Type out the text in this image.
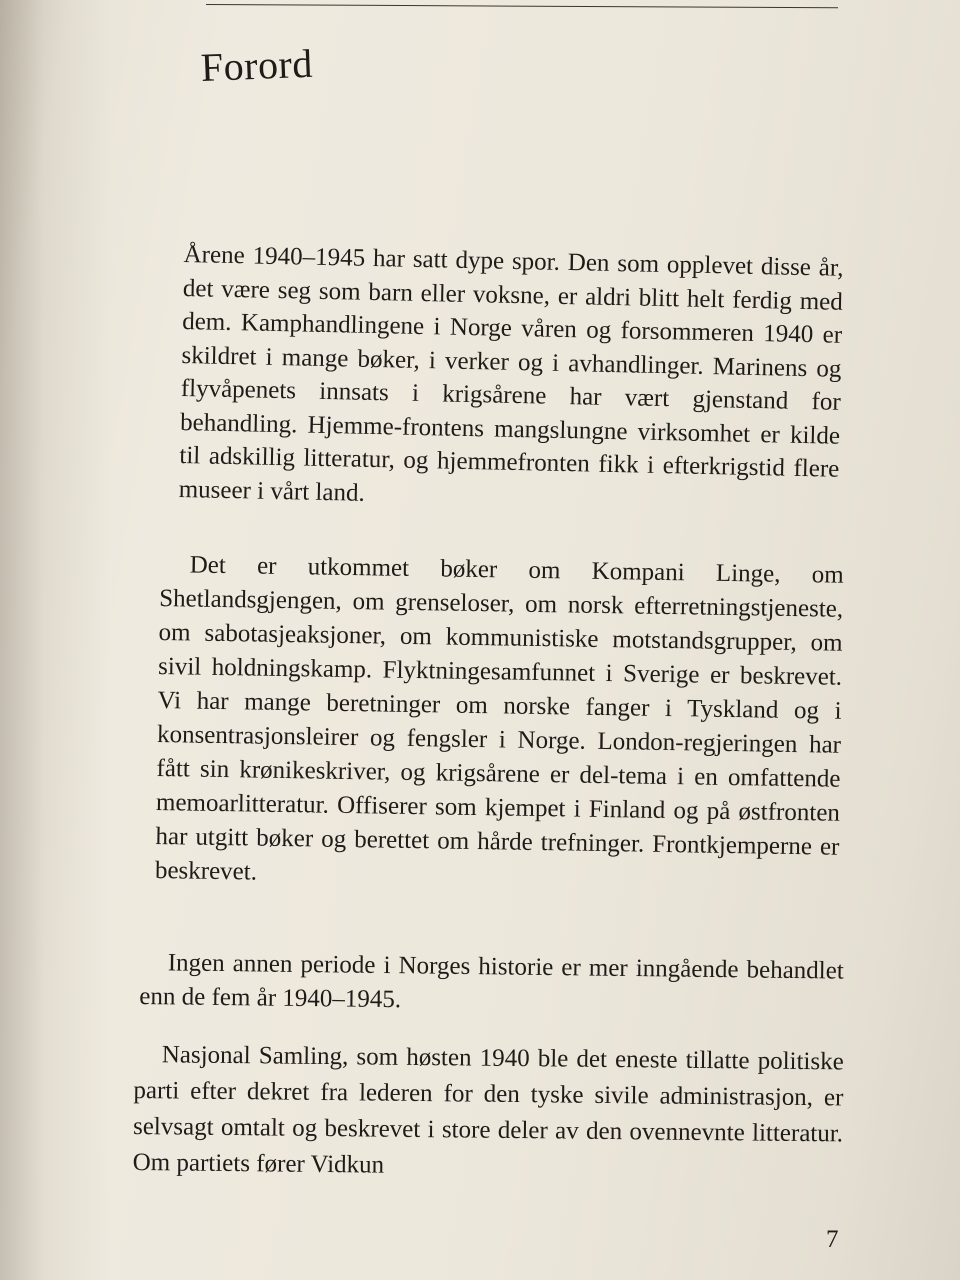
Forord

Årene 1940–1945 har satt dype spor. Den som opplevet disse år, det være seg som barn eller voksne, er aldri blitt helt ferdig med dem. Kamphandlingene i Norge våren og forsommeren 1940 er skildret i mange bøker, i verker og i avhandlinger. Marinens og flyvåpenets innsats i krigsårene har vært gjenstand for behandling. Hjemme-frontens mangslungne virksomhet er kilde til adskillig litteratur, og hjemmefronten fikk i efterkrigstid flere museer i vårt land.

Det er utkommet bøker om Kompani Linge, om Shetlandsgjengen, om grenseloser, om norsk efterretningstjeneste, om sabotasjeaksjoner, om kommunistiske motstandsgrupper, om sivil holdningskamp. Flyktningesamfunnet i Sverige er beskrevet. Vi har mange beretninger om norske fanger i Tyskland og i konsentrasjonsleirer og fengsler i Norge. London-regjeringen har fått sin krønikeskriver, og krigsårene er del-tema i en omfattende memoarlitteratur. Offiserer som kjempet i Finland og på østfronten har utgitt bøker og berettet om hårde trefninger. Frontkjemperne er beskrevet.

Ingen annen periode i Norges historie er mer inngående behandlet enn de fem år 1940–1945.

Nasjonal Samling, som høsten 1940 ble det eneste tillatte politiske parti efter dekret fra lederen for den tyske sivile administrasjon, er selvsagt omtalt og beskrevet i store deler av den ovennevnte litteratur. Om partiets fører Vidkun

7
